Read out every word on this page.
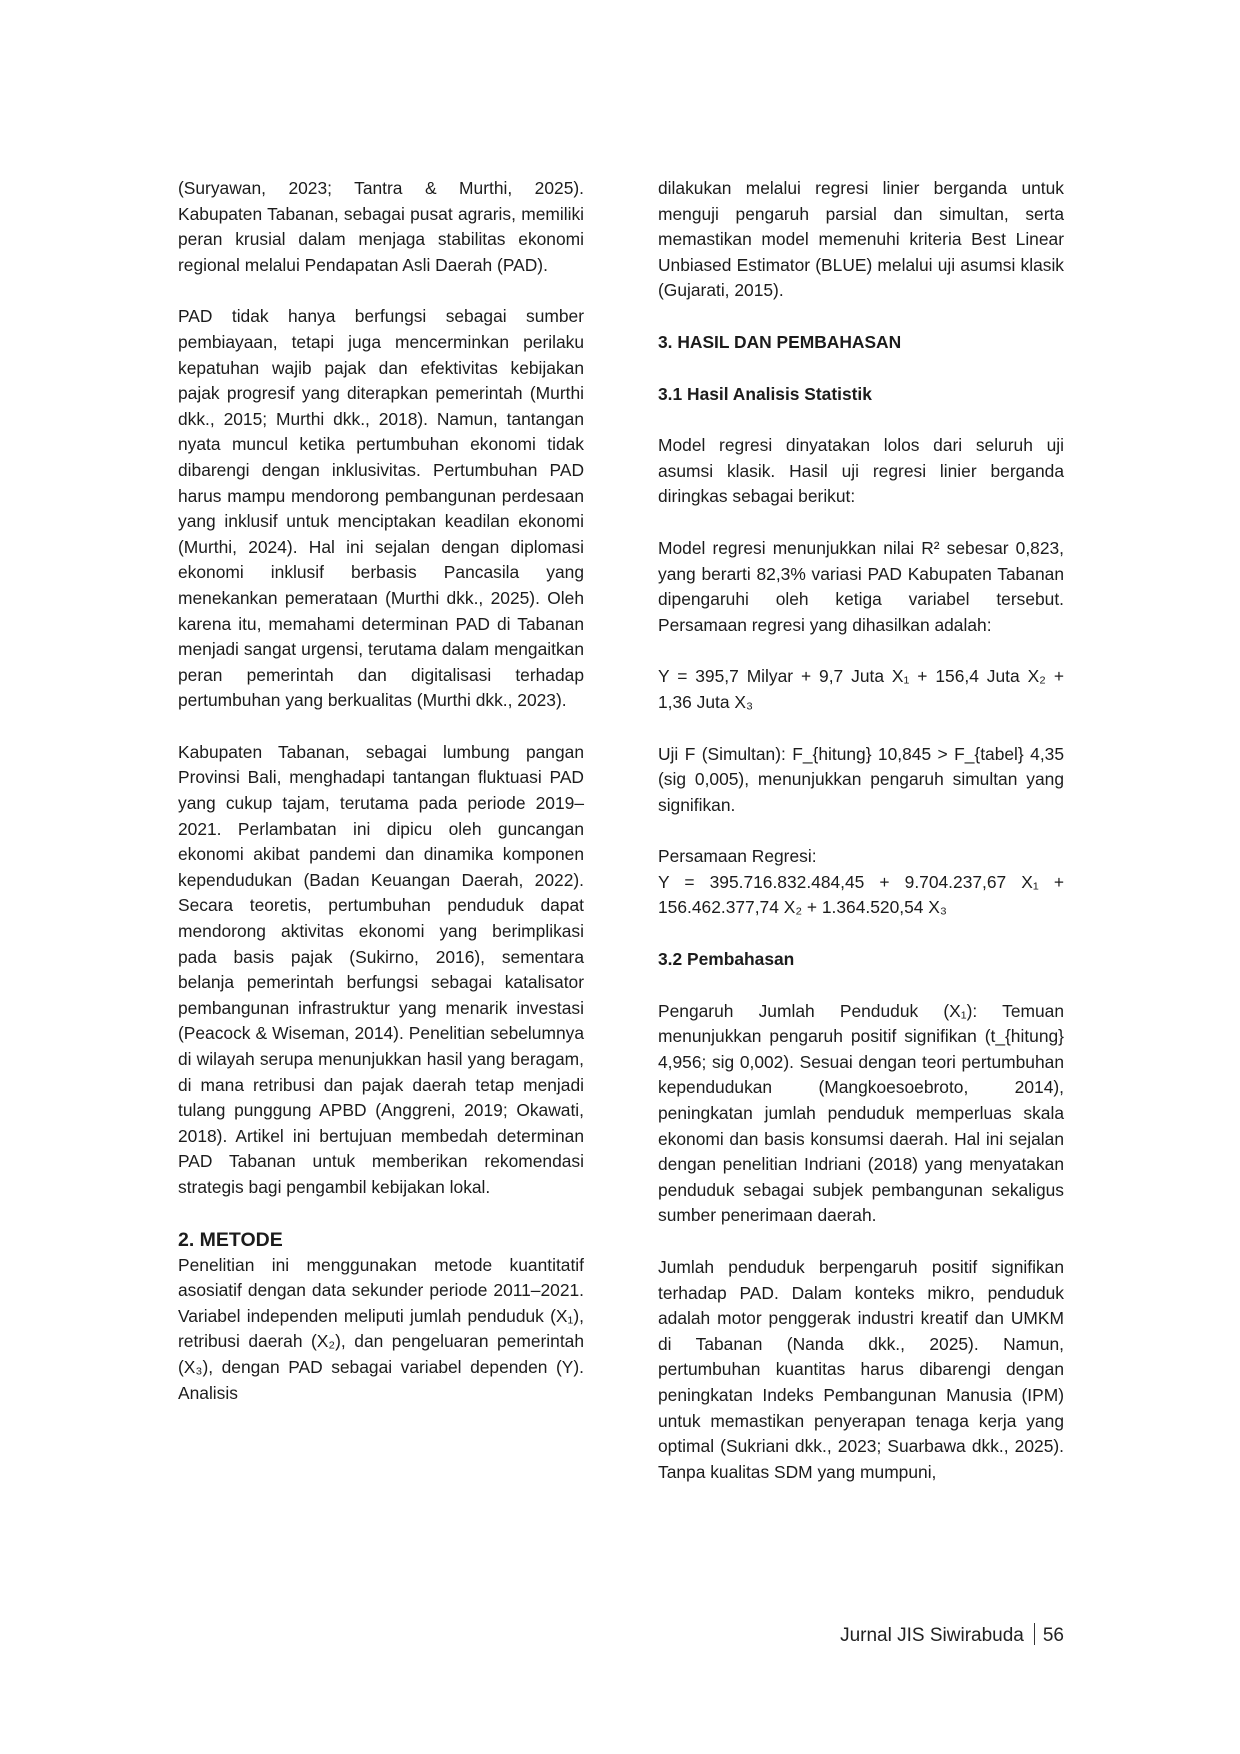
(Suryawan, 2023; Tantra & Murthi, 2025). Kabupaten Tabanan, sebagai pusat agraris, memiliki peran krusial dalam menjaga stabilitas ekonomi regional melalui Pendapatan Asli Daerah (PAD).

PAD tidak hanya berfungsi sebagai sumber pembiayaan, tetapi juga mencerminkan perilaku kepatuhan wajib pajak dan efektivitas kebijakan pajak progresif yang diterapkan pemerintah (Murthi dkk., 2015; Murthi dkk., 2018). Namun, tantangan nyata muncul ketika pertumbuhan ekonomi tidak dibarengi dengan inklusivitas. Pertumbuhan PAD harus mampu mendorong pembangunan perdesaan yang inklusif untuk menciptakan keadilan ekonomi (Murthi, 2024). Hal ini sejalan dengan diplomasi ekonomi inklusif berbasis Pancasila yang menekankan pemerataan (Murthi dkk., 2025). Oleh karena itu, memahami determinan PAD di Tabanan menjadi sangat urgensi, terutama dalam mengaitkan peran pemerintah dan digitalisasi terhadap pertumbuhan yang berkualitas (Murthi dkk., 2023).

Kabupaten Tabanan, sebagai lumbung pangan Provinsi Bali, menghadapi tantangan fluktuasi PAD yang cukup tajam, terutama pada periode 2019–2021. Perlambatan ini dipicu oleh guncangan ekonomi akibat pandemi dan dinamika komponen kependudukan (Badan Keuangan Daerah, 2022). Secara teoretis, pertumbuhan penduduk dapat mendorong aktivitas ekonomi yang berimplikasi pada basis pajak (Sukirno, 2016), sementara belanja pemerintah berfungsi sebagai katalisator pembangunan infrastruktur yang menarik investasi (Peacock & Wiseman, 2014). Penelitian sebelumnya di wilayah serupa menunjukkan hasil yang beragam, di mana retribusi dan pajak daerah tetap menjadi tulang punggung APBD (Anggreni, 2019; Okawati, 2018). Artikel ini bertujuan membedah determinan PAD Tabanan untuk memberikan rekomendasi strategis bagi pengambil kebijakan lokal.

2. METODE

Penelitian ini menggunakan metode kuantitatif asosiatif dengan data sekunder periode 2011–2021. Variabel independen meliputi jumlah penduduk (X₁), retribusi daerah (X₂), dan pengeluaran pemerintah (X₃), dengan PAD sebagai variabel dependen (Y). Analisis

dilakukan melalui regresi linier berganda untuk menguji pengaruh parsial dan simultan, serta memastikan model memenuhi kriteria Best Linear Unbiased Estimator (BLUE) melalui uji asumsi klasik (Gujarati, 2015).

3. HASIL DAN PEMBAHASAN
3.1 Hasil Analisis Statistik

Model regresi dinyatakan lolos dari seluruh uji asumsi klasik. Hasil uji regresi linier berganda diringkas sebagai berikut:

Model regresi menunjukkan nilai R² sebesar 0,823, yang berarti 82,3% variasi PAD Kabupaten Tabanan dipengaruhi oleh ketiga variabel tersebut. Persamaan regresi yang dihasilkan adalah:

Y = 395,7 Milyar + 9,7 Juta X₁ + 156,4 Juta X₂ + 1,36 Juta X₃

Uji F (Simultan): F_{hitung} 10,845 > F_{tabel} 4,35 (sig 0,005), menunjukkan pengaruh simultan yang signifikan.

Persamaan Regresi:

Y = 395.716.832.484,45 + 9.704.237,67 X₁ + 156.462.377,74 X₂ + 1.364.520,54 X₃

3.2 Pembahasan

Pengaruh Jumlah Penduduk (X₁): Temuan menunjukkan pengaruh positif signifikan (t_{hitung} 4,956; sig 0,002). Sesuai dengan teori pertumbuhan kependudukan (Mangkoesoebroto, 2014), peningkatan jumlah penduduk memperluas skala ekonomi dan basis konsumsi daerah. Hal ini sejalan dengan penelitian Indriani (2018) yang menyatakan penduduk sebagai subjek pembangunan sekaligus sumber penerimaan daerah.

Jumlah penduduk berpengaruh positif signifikan terhadap PAD. Dalam konteks mikro, penduduk adalah motor penggerak industri kreatif dan UMKM di Tabanan (Nanda dkk., 2025). Namun, pertumbuhan kuantitas harus dibarengi dengan peningkatan Indeks Pembangunan Manusia (IPM) untuk memastikan penyerapan tenaga kerja yang optimal (Sukriani dkk., 2023; Suarbawa dkk., 2025). Tanpa kualitas SDM yang mumpuni,

Jurnal JIS Siwirabuda 56
